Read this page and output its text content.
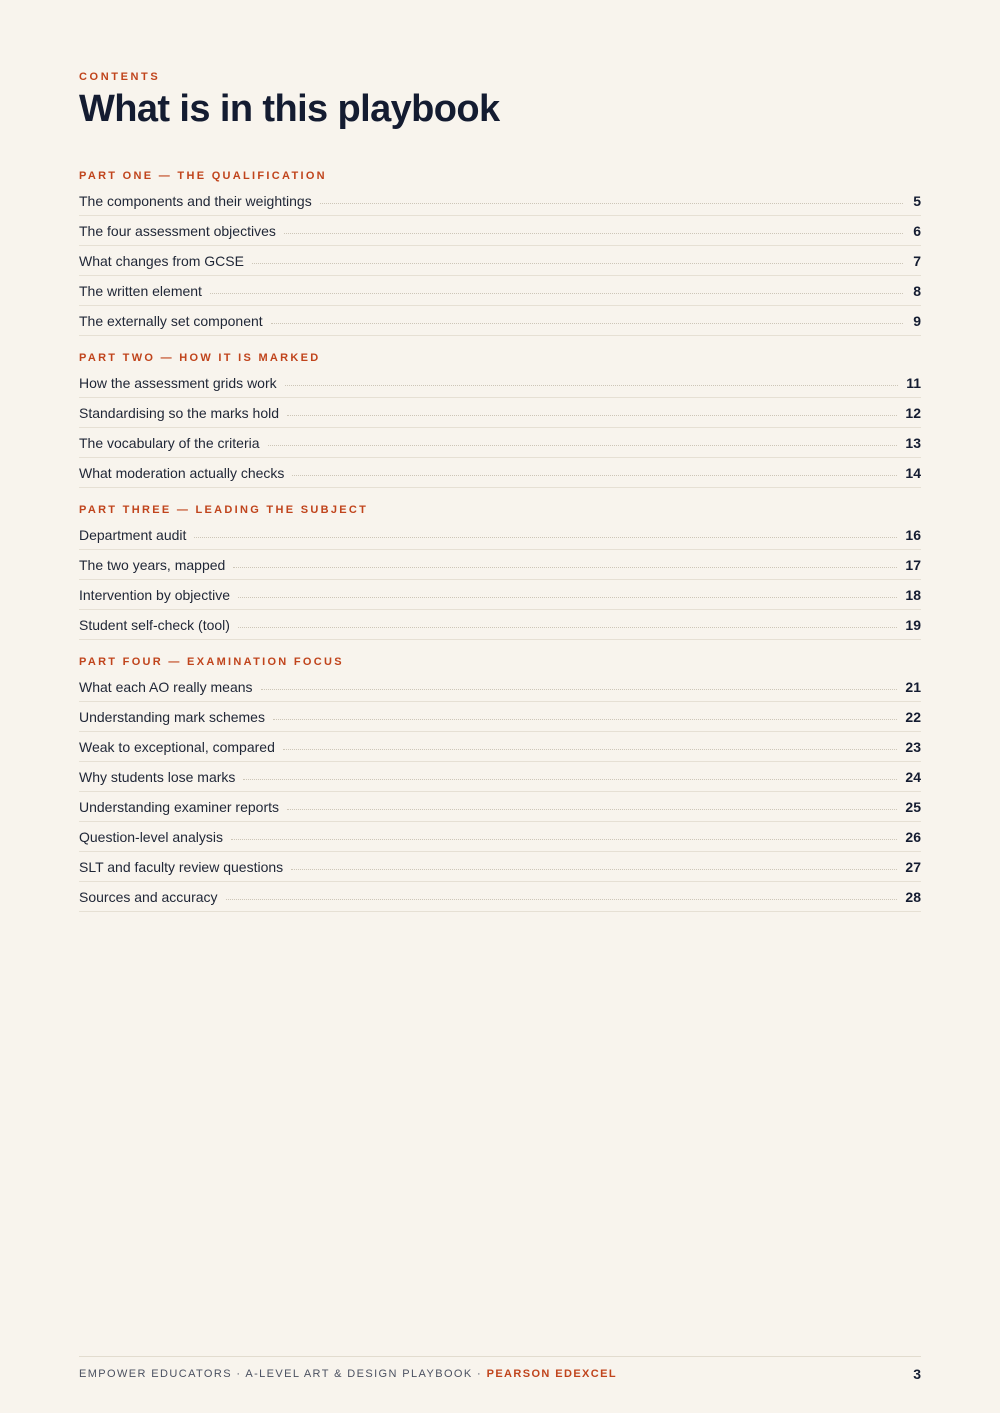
CONTENTS
What is in this playbook
PART ONE — THE QUALIFICATION
The components and their weightings	5
The four assessment objectives	6
What changes from GCSE	7
The written element	8
The externally set component	9
PART TWO — HOW IT IS MARKED
How the assessment grids work	11
Standardising so the marks hold	12
The vocabulary of the criteria	13
What moderation actually checks	14
PART THREE — LEADING THE SUBJECT
Department audit	16
The two years, mapped	17
Intervention by objective	18
Student self-check (tool)	19
PART FOUR — EXAMINATION FOCUS
What each AO really means	21
Understanding mark schemes	22
Weak to exceptional, compared	23
Why students lose marks	24
Understanding examiner reports	25
Question-level analysis	26
SLT and faculty review questions	27
Sources and accuracy	28
EMPOWER EDUCATORS · A-LEVEL ART & DESIGN PLAYBOOK · PEARSON EDEXCEL	3
